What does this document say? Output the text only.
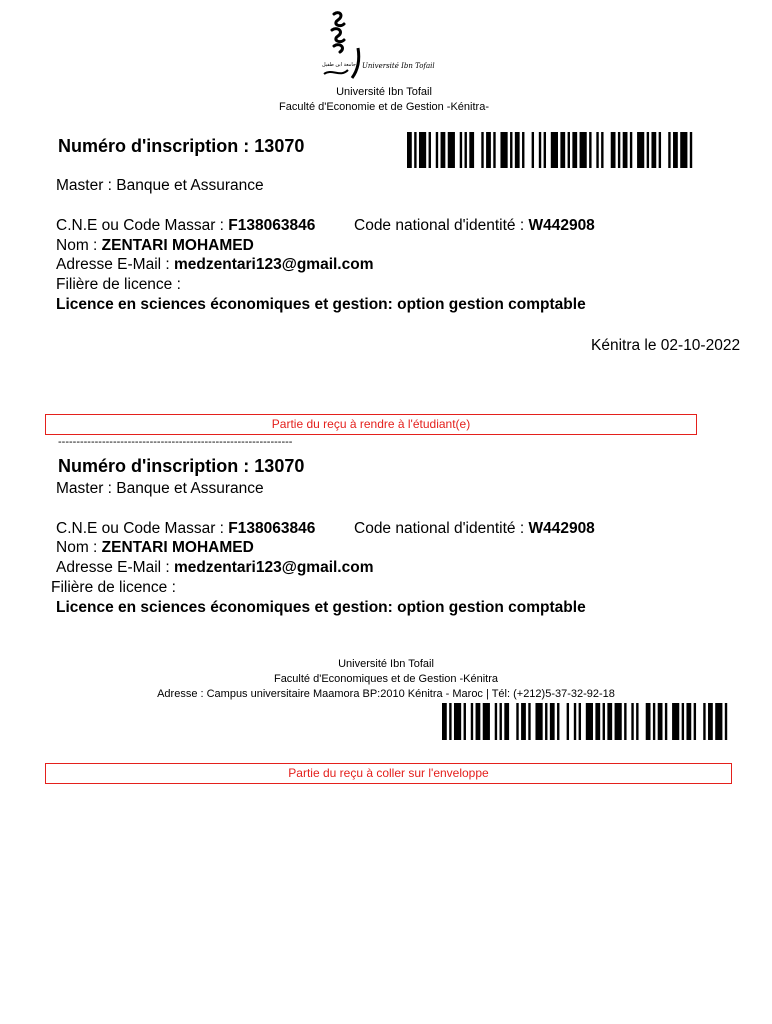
جامعة ابن طفيل Université Ibn Tofail
Université Ibn Tofail
Faculté d'Economie et de Gestion -Kénitra-
Numéro d'inscription : 13070
Master : Banque et Assurance
C.N.E ou Code Massar : F138063846 Code national d'identité : W442908
Nom : ZENTARI MOHAMED
Adresse E-Mail : medzentari123@gmail.com
Filière de licence :
Licence en sciences économiques et gestion: option gestion comptable
Kénitra le 02-10-2022
Partie du reçu à rendre à l'étudiant(e)
----------------------------------------------------------------
Numéro d'inscription : 13070
Master : Banque et Assurance
C.N.E ou Code Massar : F138063846 Code national d'identité : W442908
Nom : ZENTARI MOHAMED
Adresse E-Mail : medzentari123@gmail.com
Filière de licence :
Licence en sciences économiques et gestion: option gestion comptable
Université Ibn Tofail
Faculté d'Economiques et de Gestion -Kénitra
Adresse : Campus universitaire Maamora BP:2010 Kénitra - Maroc | Tél: (+212)5-37-32-92-18
Partie du reçu à coller sur l'enveloppe
